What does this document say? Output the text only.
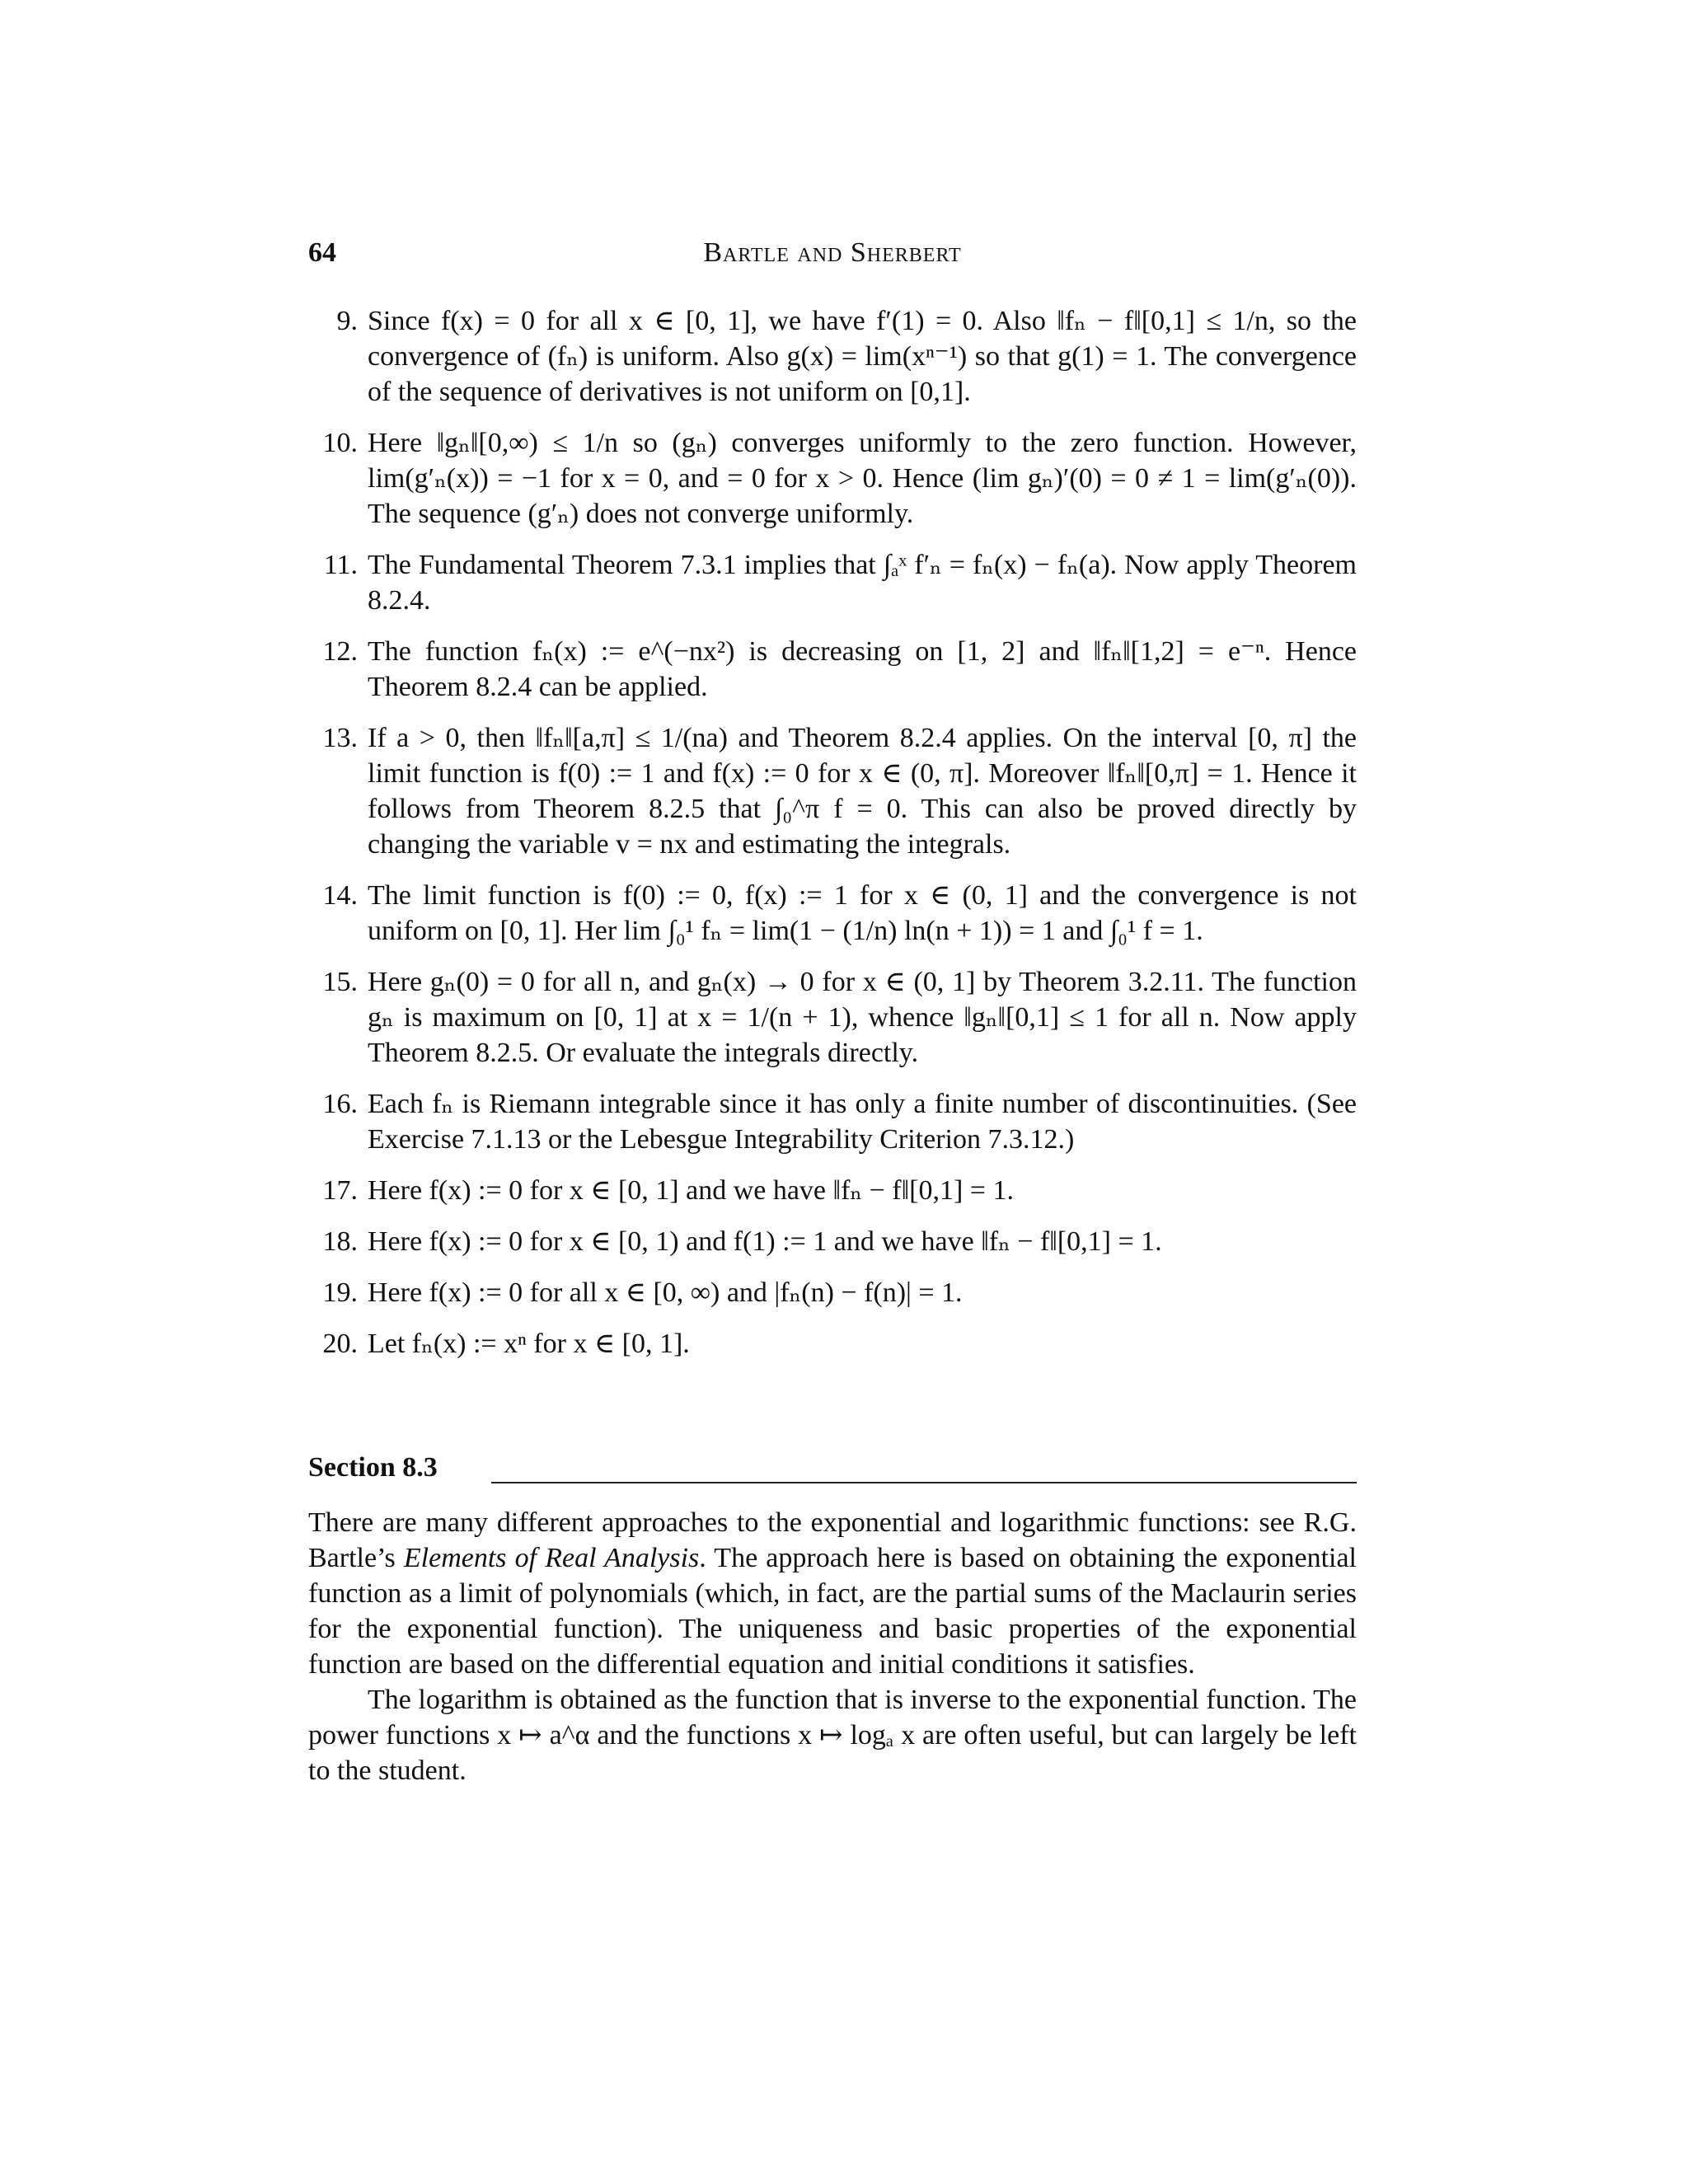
64	Bartle and Sherbert
9. Since f(x) = 0 for all x ∈ [0, 1], we have f′(1) = 0. Also ‖fₙ − f‖[0,1] ≤ 1/n, so the convergence of (fₙ) is uniform. Also g(x) = lim(xⁿ⁻¹) so that g(1) = 1. The convergence of the sequence of derivatives is not uniform on [0,1].
10. Here ‖gₙ‖[0,∞) ≤ 1/n so (gₙ) converges uniformly to the zero function. However, lim(g′ₙ(x)) = −1 for x = 0, and = 0 for x > 0. Hence (lim gₙ)′(0) = 0 ≠ 1 = lim(g′ₙ(0)). The sequence (g′ₙ) does not converge uniformly.
11. The Fundamental Theorem 7.3.1 implies that ∫ₐˣ f′ₙ = fₙ(x) − fₙ(a). Now apply Theorem 8.2.4.
12. The function fₙ(x) := e^(−nx²) is decreasing on [1, 2] and ‖fₙ‖[1,2] = e⁻ⁿ. Hence Theorem 8.2.4 can be applied.
13. If a > 0, then ‖fₙ‖[a,π] ≤ 1/(na) and Theorem 8.2.4 applies. On the interval [0, π] the limit function is f(0) := 1 and f(x) := 0 for x ∈ (0, π]. Moreover ‖fₙ‖[0,π] = 1. Hence it follows from Theorem 8.2.5 that ∫₀^π f = 0. This can also be proved directly by changing the variable v = nx and estimating the integrals.
14. The limit function is f(0) := 0, f(x) := 1 for x ∈ (0, 1] and the convergence is not uniform on [0, 1]. Her lim ∫₀¹ fₙ = lim(1 − (1/n) ln(n + 1)) = 1 and ∫₀¹ f = 1.
15. Here gₙ(0) = 0 for all n, and gₙ(x) → 0 for x ∈ (0, 1] by Theorem 3.2.11. The function gₙ is maximum on [0, 1] at x = 1/(n + 1), whence ‖gₙ‖[0,1] ≤ 1 for all n. Now apply Theorem 8.2.5. Or evaluate the integrals directly.
16. Each fₙ is Riemann integrable since it has only a finite number of discontinuities. (See Exercise 7.1.13 or the Lebesgue Integrability Criterion 7.3.12.)
17. Here f(x) := 0 for x ∈ [0, 1] and we have ‖fₙ − f‖[0,1] = 1.
18. Here f(x) := 0 for x ∈ [0, 1) and f(1) := 1 and we have ‖fₙ − f‖[0,1] = 1.
19. Here f(x) := 0 for all x ∈ [0, ∞) and |fₙ(n) − f(n)| = 1.
20. Let fₙ(x) := xⁿ for x ∈ [0, 1].
Section 8.3

There are many different approaches to the exponential and logarithmic functions: see R.G. Bartle’s Elements of Real Analysis. The approach here is based on obtaining the exponential function as a limit of polynomials (which, in fact, are the partial sums of the Maclaurin series for the exponential function). The uniqueness and basic properties of the exponential function are based on the differential equation and initial conditions it satisfies.

The logarithm is obtained as the function that is inverse to the exponential function. The power functions x ↦ a^α and the functions x ↦ logₐ x are often useful, but can largely be left to the student.
